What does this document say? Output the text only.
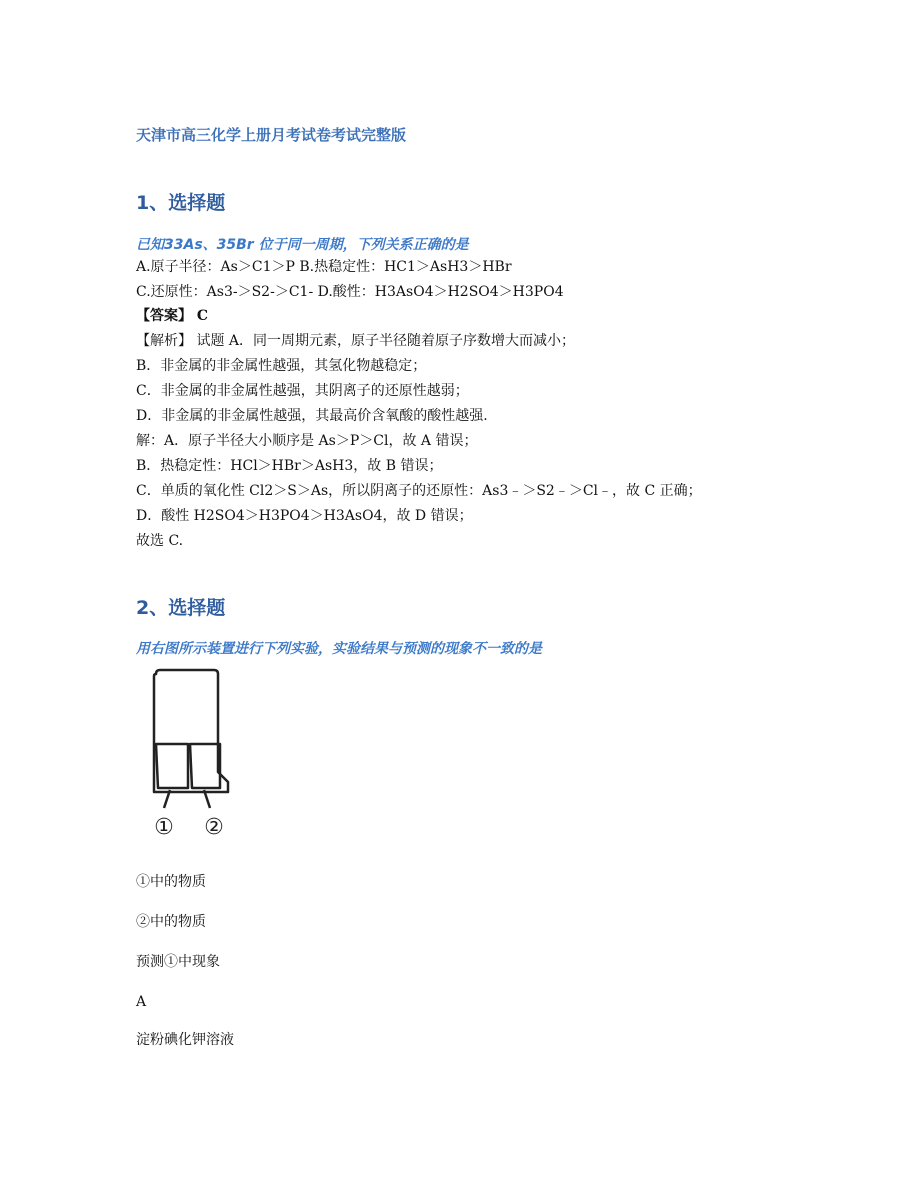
天津市高三化学上册月考试卷考试完整版
1、选择题
已知33As、35Br 位于同一周期，下列关系正确的是
A.原子半径：As＞C1＞P B.热稳定性：HC1＞AsH3＞HBr
C.还原性：As3-＞S2-＞C1- D.酸性：H3AsO4＞H2SO4＞H3PO4
【答案】 C
【解析】 试题 A．同一周期元素，原子半径随着原子序数增大而减小；
B．非金属的非金属性越强，其氢化物越稳定；
C．非金属的非金属性越强，其阴离子的还原性越弱；
D．非金属的非金属性越强，其最高价含氧酸的酸性越强.
解：A．原子半径大小顺序是 As＞P＞Cl，故 A 错误；
B．热稳定性：HCl＞HBr＞AsH3，故 B 错误；
C．单质的氧化性 Cl2＞S＞As，所以阴离子的还原性：As3﹣＞S2﹣＞Cl﹣，故 C 正确；
D．酸性 H2SO4＞H3PO4＞H3AsO4，故 D 错误；
故选 C.
2、选择题
用右图所示装置进行下列实验，实验结果与预测的现象不一致的是
① ②
①中的物质
②中的物质
预测①中现象
A
淀粉碘化钾溶液
